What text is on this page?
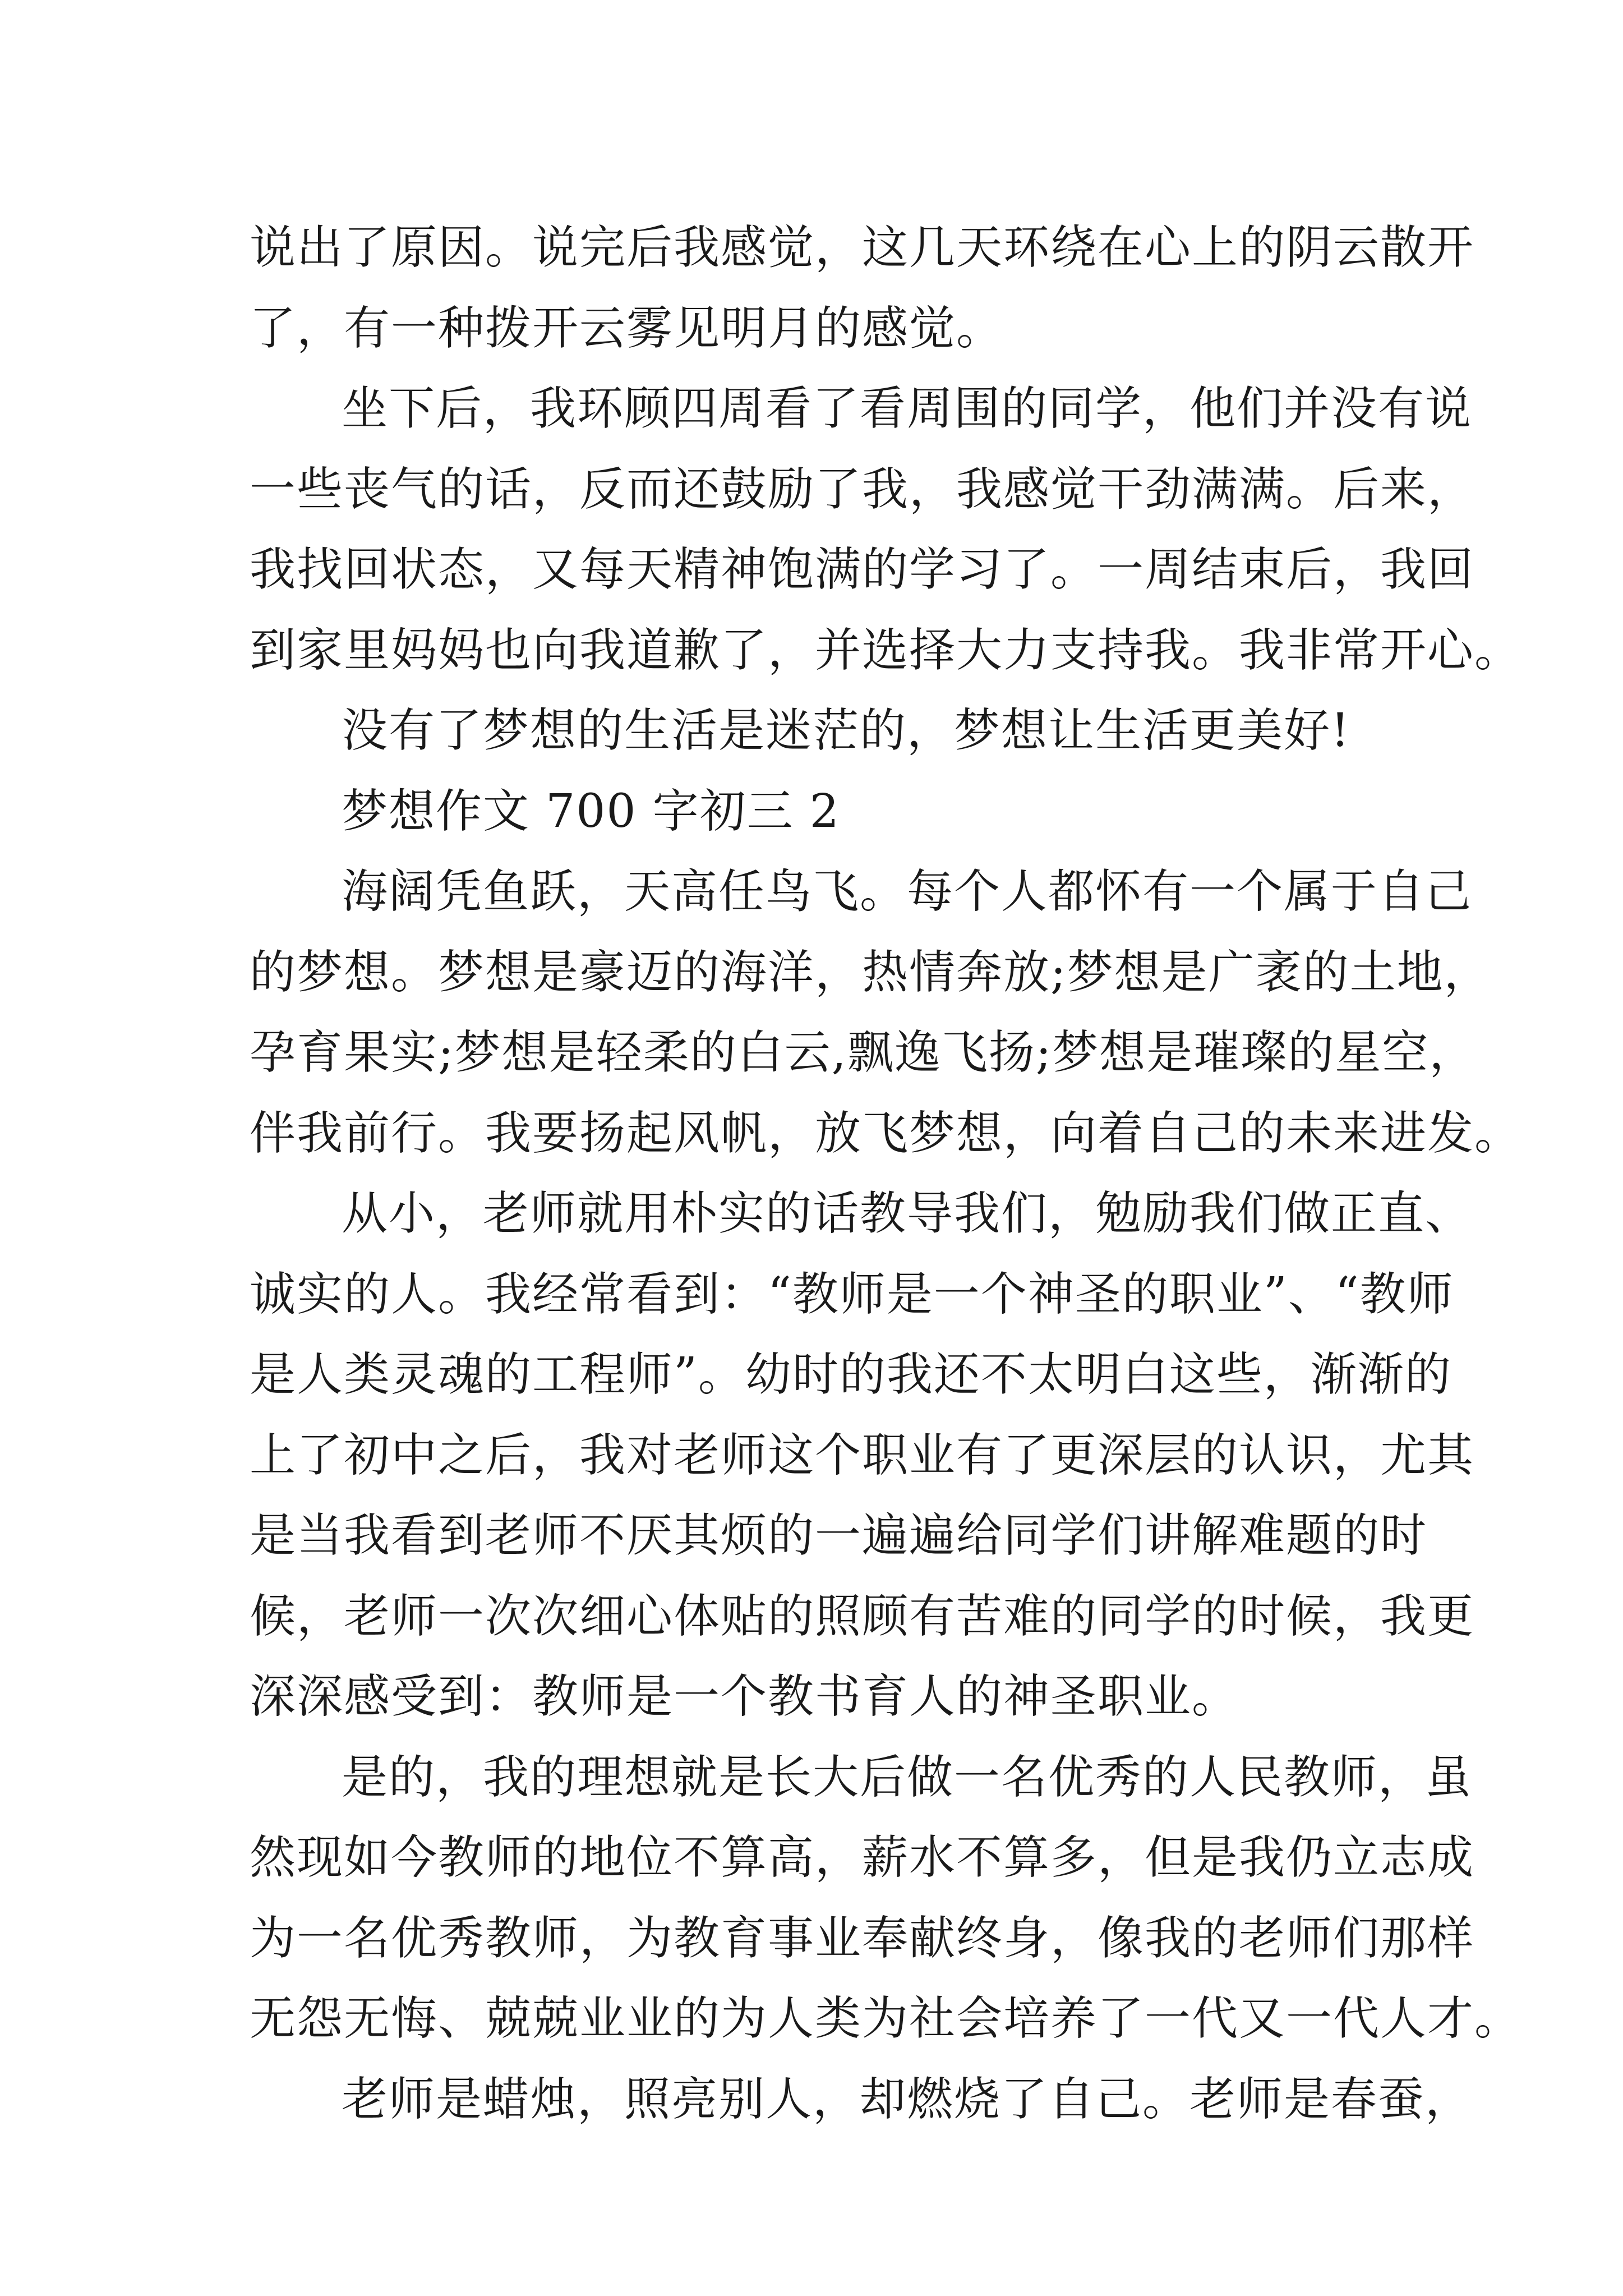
说出了原因。说完后我感觉，这几天环绕在心上的阴云散开
了，有一种拨开云雾见明月的感觉。
坐下后，我环顾四周看了看周围的同学，他们并没有说
一些丧气的话，反而还鼓励了我，我感觉干劲满满。后来，
我找回状态，又每天精神饱满的学习了。一周结束后，我回
到家里妈妈也向我道歉了，并选择大力支持我。我非常开心。
没有了梦想的生活是迷茫的，梦想让生活更美好!
梦想作文 700 字初三 2
海阔凭鱼跃，天高任鸟飞。每个人都怀有一个属于自己
的梦想。梦想是豪迈的海洋，热情奔放;梦想是广袤的土地，
孕育果实;梦想是轻柔的白云,飘逸飞扬;梦想是璀璨的星空，
伴我前行。我要扬起风帆，放飞梦想，向着自己的未来进发。
从小，老师就用朴实的话教导我们，勉励我们做正直、
诚实的人。我经常看到：“教师是一个神圣的职业”、“教师
是人类灵魂的工程师”。幼时的我还不太明白这些，渐渐的
上了初中之后，我对老师这个职业有了更深层的认识，尤其
是当我看到老师不厌其烦的一遍遍给同学们讲解难题的时
候，老师一次次细心体贴的照顾有苦难的同学的时候，我更
深深感受到：教师是一个教书育人的神圣职业。
是的，我的理想就是长大后做一名优秀的人民教师，虽
然现如今教师的地位不算高，薪水不算多，但是我仍立志成
为一名优秀教师，为教育事业奉献终身，像我的老师们那样
无怨无悔、兢兢业业的为人类为社会培养了一代又一代人才。
老师是蜡烛，照亮别人，却燃烧了自己。老师是春蚕，
